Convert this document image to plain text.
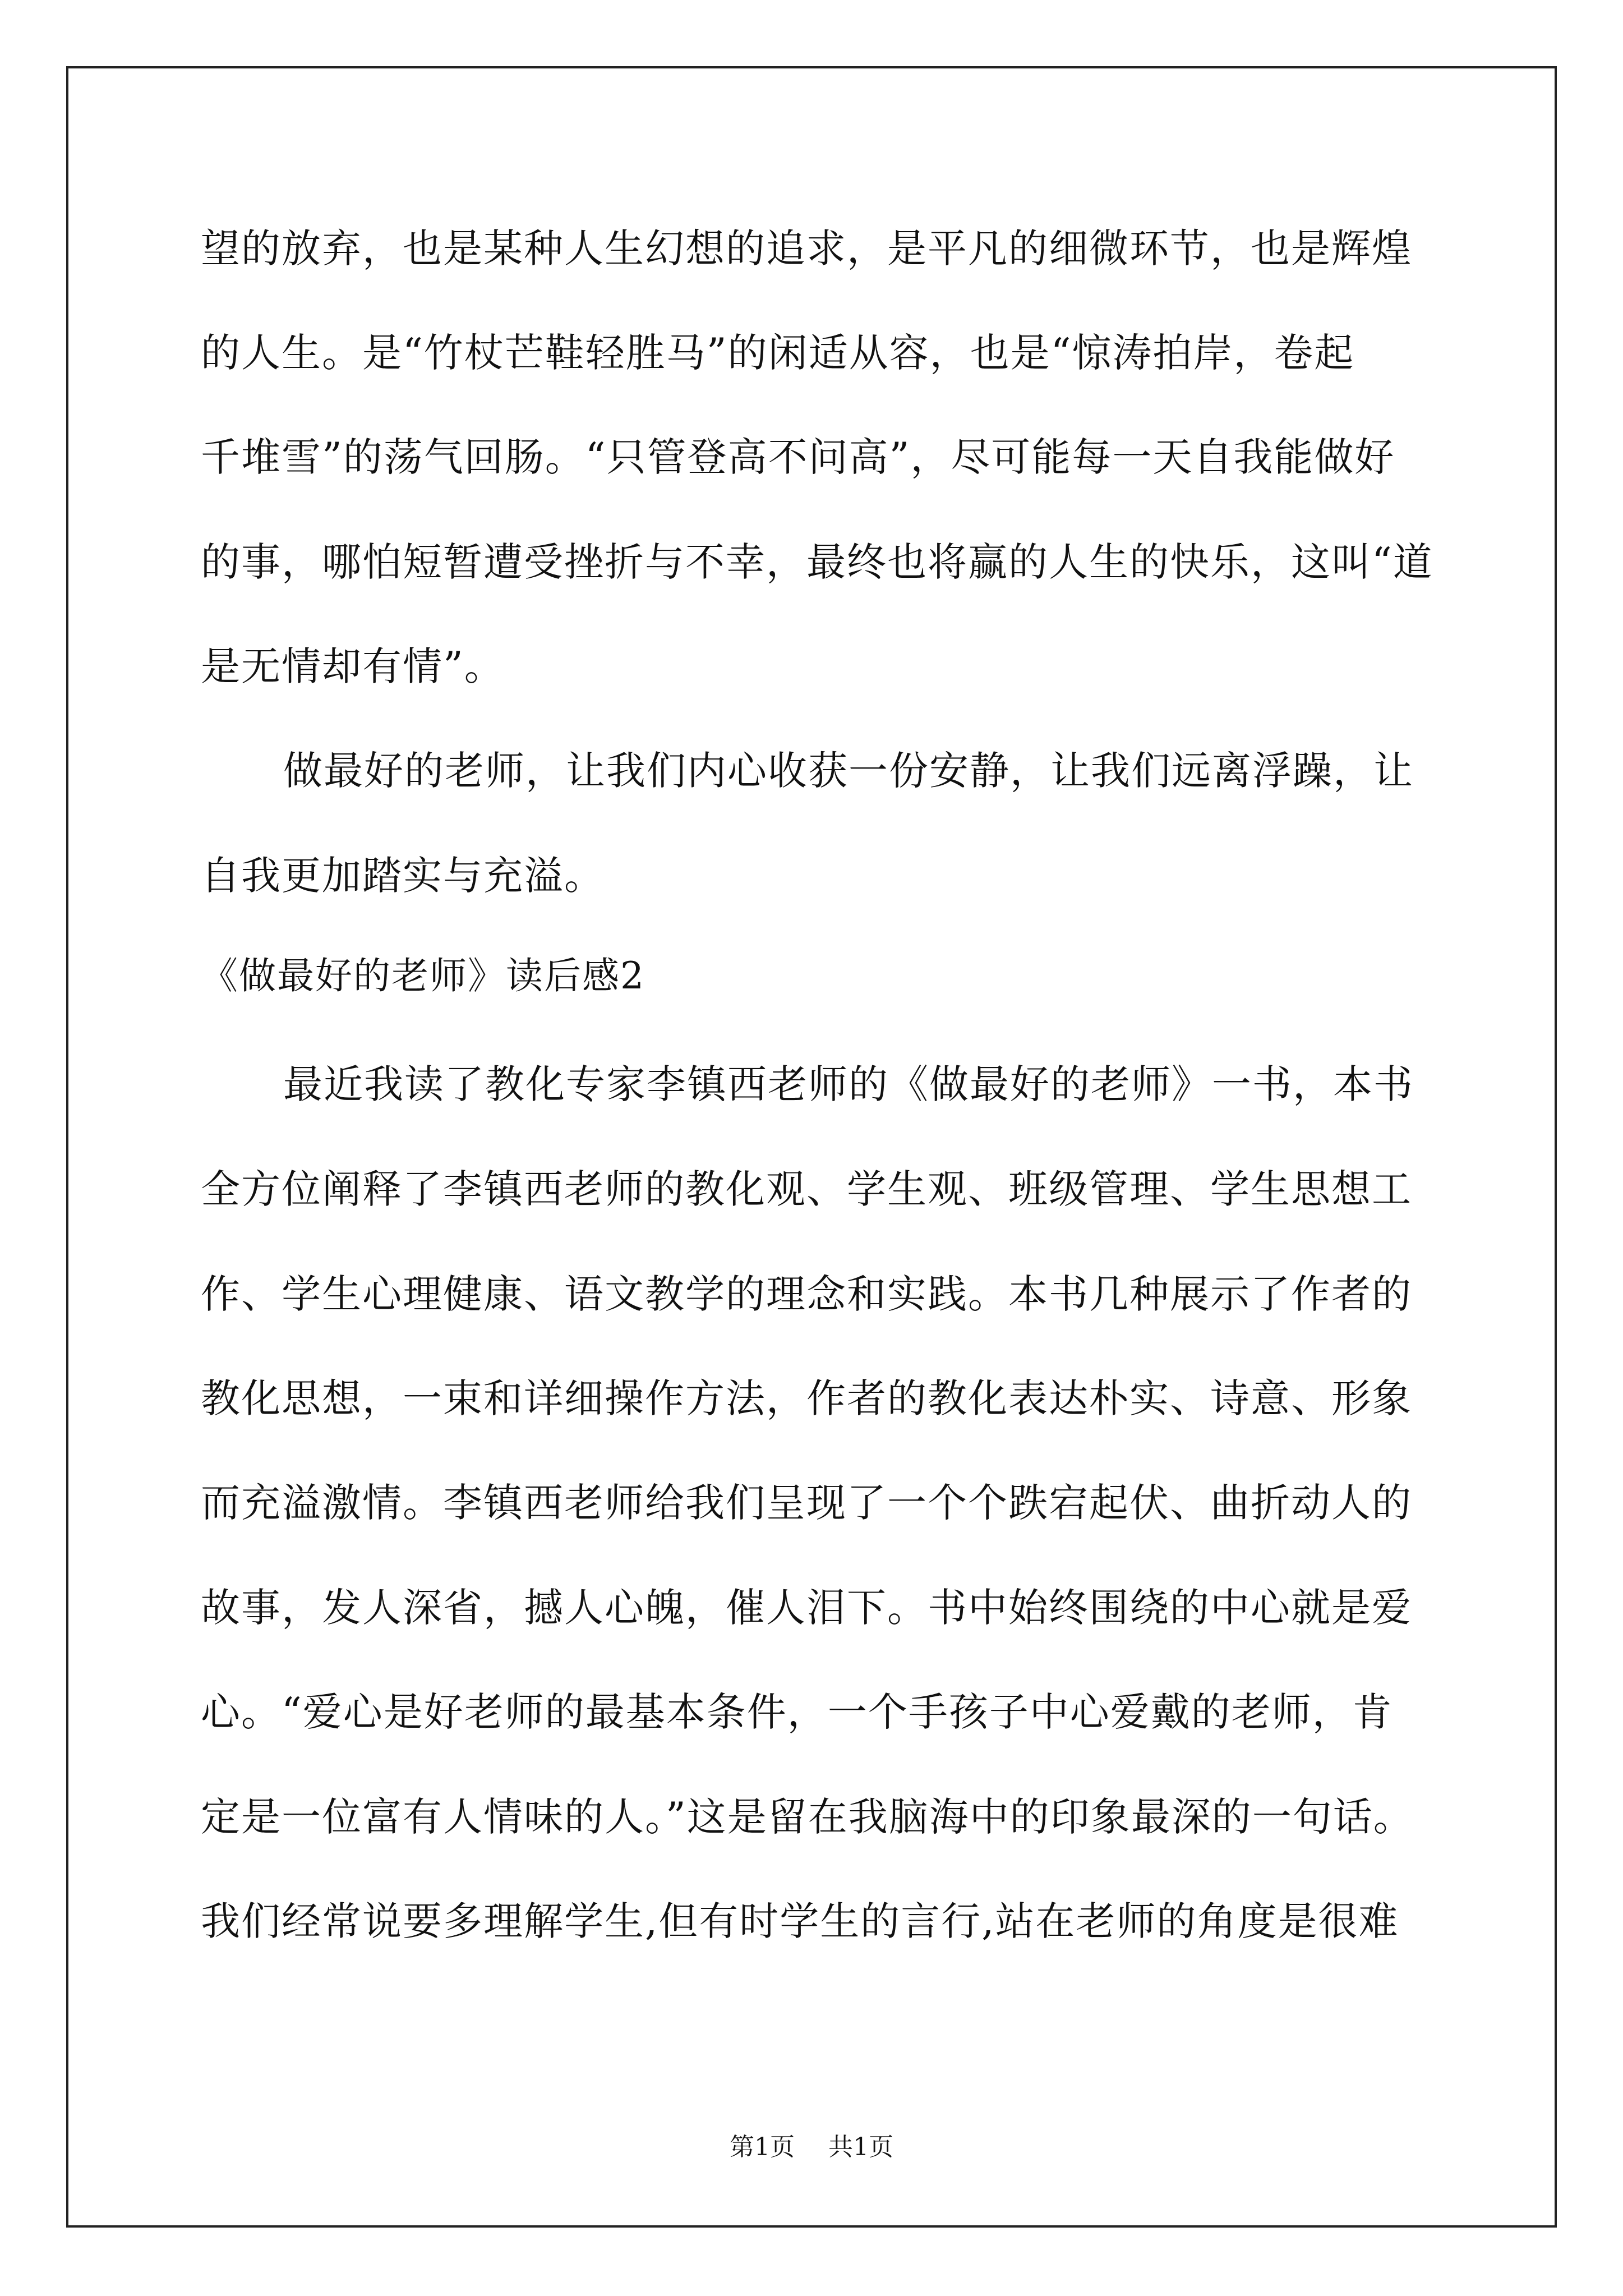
望的放弃，也是某种人生幻想的追求，是平凡的细微环节，也是辉煌
的人生。是“竹杖芒鞋轻胜马”的闲适从容，也是“惊涛拍岸，卷起
千堆雪”的荡气回肠。“只管登高不问高”，尽可能每一天自我能做好
的事，哪怕短暂遭受挫折与不幸，最终也将赢的人生的快乐，这叫“道
是无情却有情”。
做最好的老师，让我们内心收获一份安静，让我们远离浮躁，让
自我更加踏实与充溢。
《做最好的老师》读后感2
最近我读了教化专家李镇西老师的《做最好的老师》一书，本书
全方位阐释了李镇西老师的教化观、学生观、班级管理、学生思想工
作、学生心理健康、语文教学的理念和实践。本书几种展示了作者的
教化思想，一束和详细操作方法，作者的教化表达朴实、诗意、形象
而充溢激情。李镇西老师给我们呈现了一个个跌宕起伏、曲折动人的
故事，发人深省，撼人心魄，催人泪下。书中始终围绕的中心就是爱
心。“爱心是好老师的最基本条件，一个手孩子中心爱戴的老师，肯
定是一位富有人情味的人。”这是留在我脑海中的印象最深的一句话。
我们经常说要多理解学生,但有时学生的言行,站在老师的角度是很难
第1页 共1页
